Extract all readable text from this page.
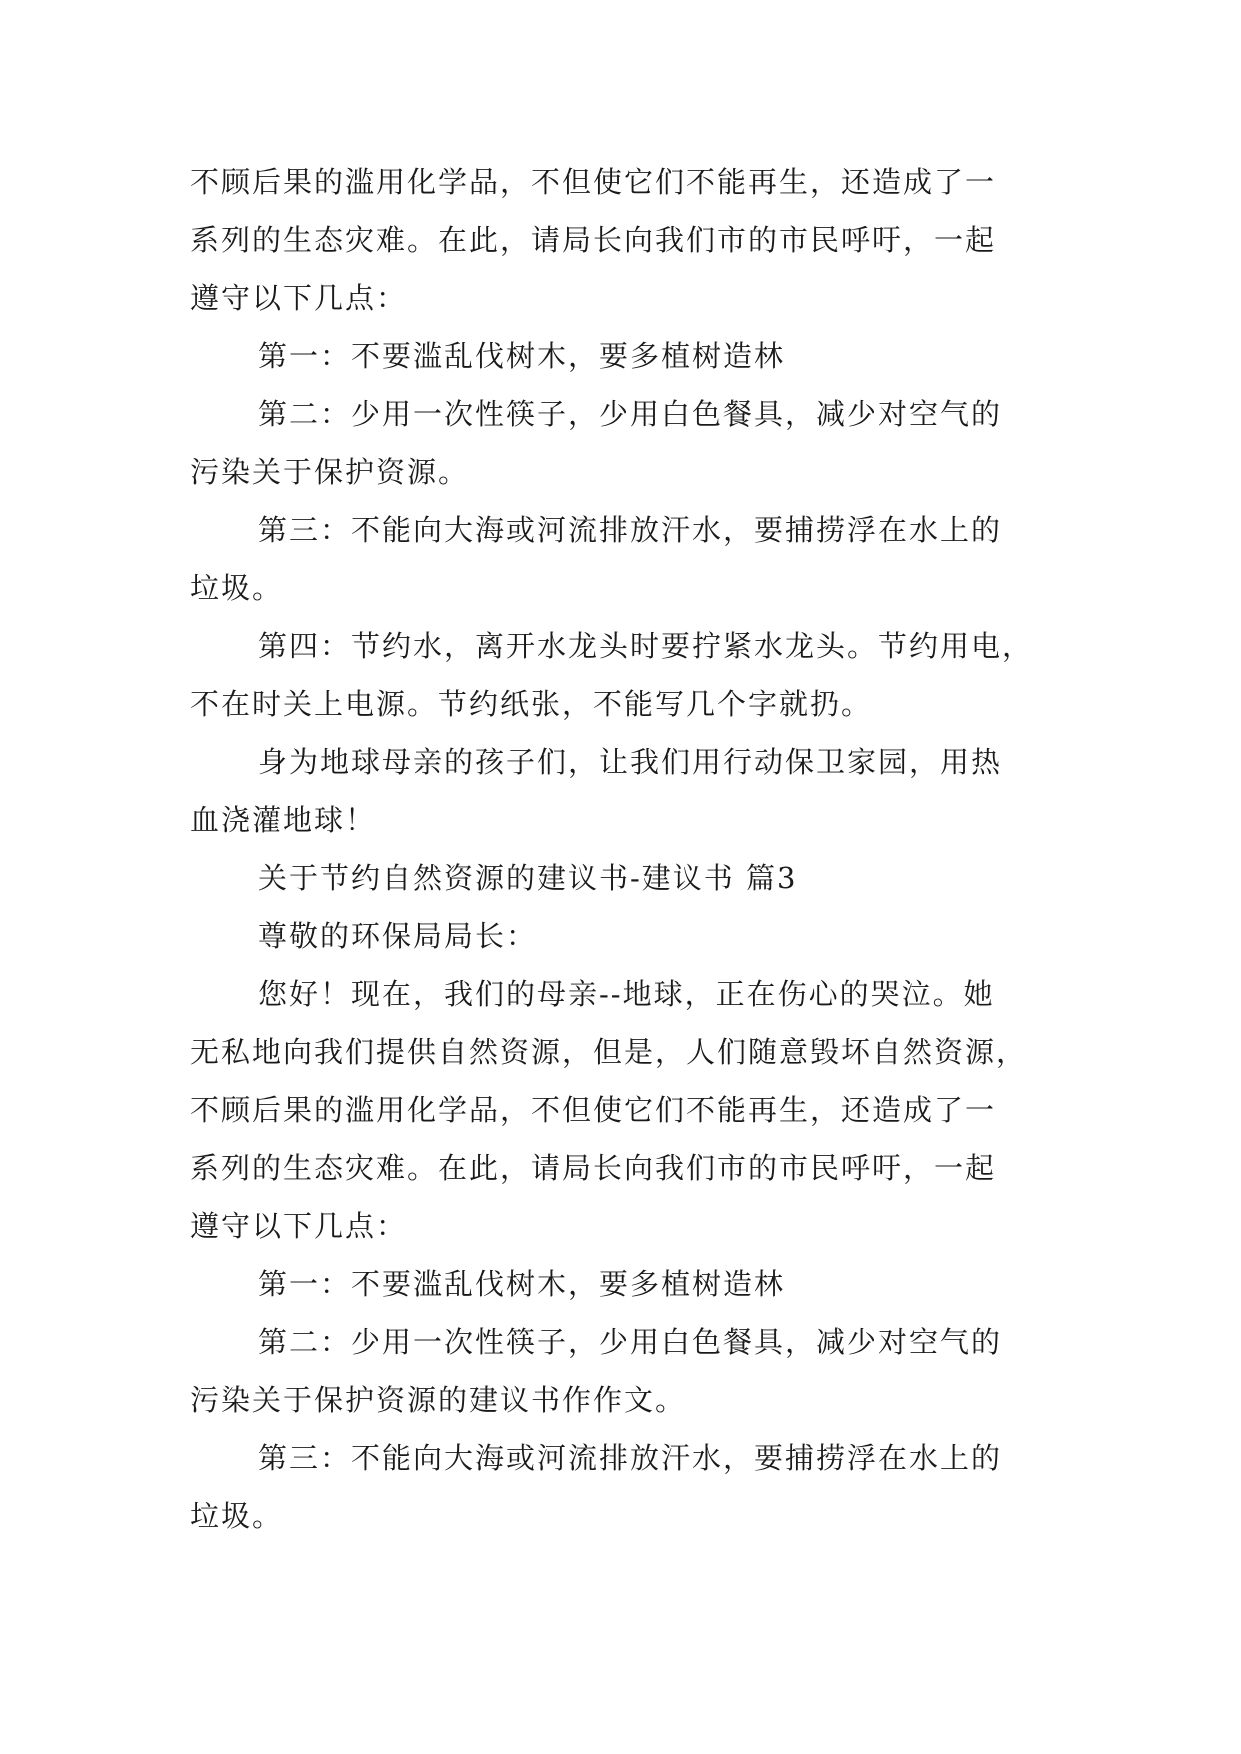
不顾后果的滥用化学品，不但使它们不能再生，还造成了一
系列的生态灾难。在此，请局长向我们市的市民呼吁，一起
遵守以下几点：
第一：不要滥乱伐树木，要多植树造林
第二：少用一次性筷子，少用白色餐具，减少对空气的
污染关于保护资源。
第三：不能向大海或河流排放汗水，要捕捞浮在水上的
垃圾。
第四：节约水，离开水龙头时要拧紧水龙头。节约用电，
不在时关上电源。节约纸张，不能写几个字就扔。
身为地球母亲的孩子们，让我们用行动保卫家园，用热
血浇灌地球！
关于节约自然资源的建议书-建议书 篇3
尊敬的环保局局长：
您好！现在，我们的母亲--地球，正在伤心的哭泣。她
无私地向我们提供自然资源，但是，人们随意毁坏自然资源，
不顾后果的滥用化学品，不但使它们不能再生，还造成了一
系列的生态灾难。在此，请局长向我们市的市民呼吁，一起
遵守以下几点：
第一：不要滥乱伐树木，要多植树造林
第二：少用一次性筷子，少用白色餐具，减少对空气的
污染关于保护资源的建议书作作文。
第三：不能向大海或河流排放汗水，要捕捞浮在水上的
垃圾。
